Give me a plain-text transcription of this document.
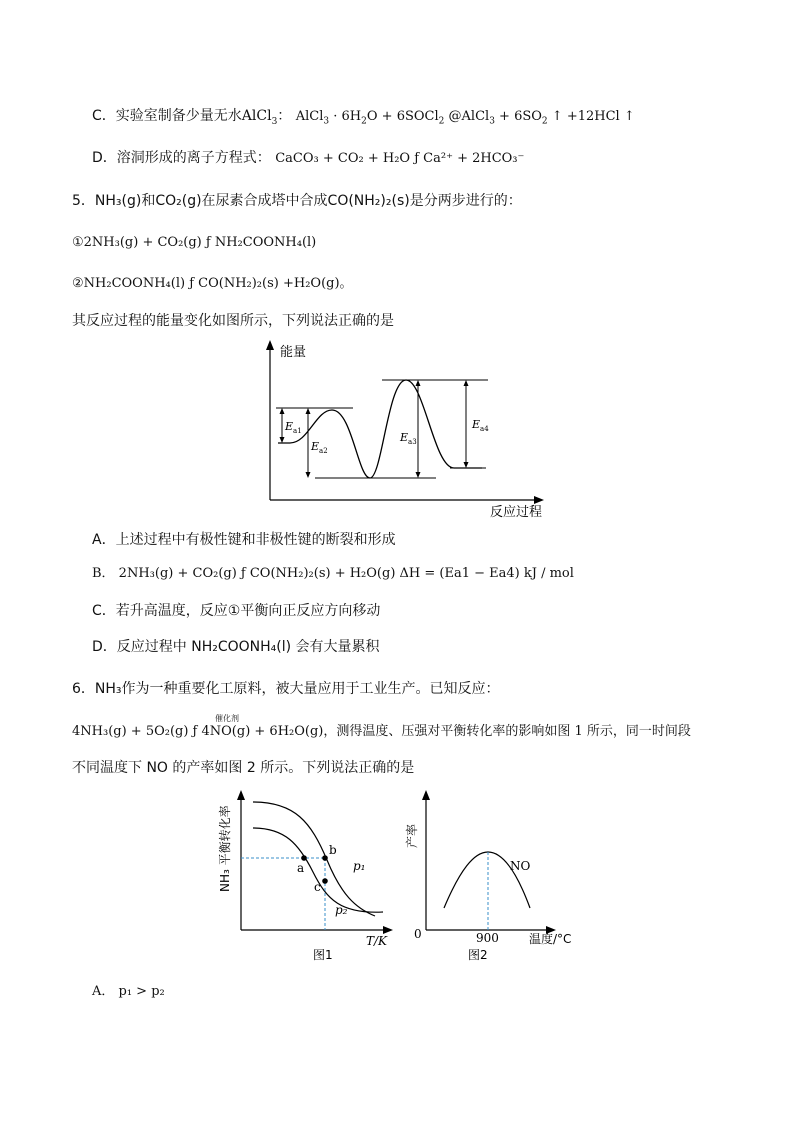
C．实验室制备少量无水AlCl$_3$： AlCl$_3$ · $6H_2O$ + 6SOCl$_2$ @AlCl$_3$ + $6SO_2$ ↑ +12HCl ↑
D．溶洞形成的离子方程式： CaCO₃ + CO₂ + H₂O ƒ Ca²⁺ + 2HCO₃⁻
5．NH₃(g)和CO₂(g)在尿素合成塔中合成CO(NH₂)₂(s)是分两步进行的：
①2NH₃(g) + CO₂(g) ƒ NH₂COONH₄(l)
②NH₂COONH₄(l) ƒ CO(NH₂)₂(s) +H₂O(g)。
其反应过程的能量变化如图所示，下列说法正确的是
能量
反应过程
$E_{a1}$
$E_{a2}$
$E_{a3}$
$E_{a4}$
A．上述过程中有极性键和非极性键的断裂和形成
B． 2NH₃(g) + CO₂(g) ƒ CO(NH₂)₂(s) + H₂O(g) ΔH = (Ea1 − Ea4) kJ / mol
C．若升高温度，反应①平衡向正反应方向移动
D．反应过程中 NH₂COONH₄(l) 会有大量累积
6．NH₃作为一种重要化工原料，被大量应用于工业生产。已知反应：
催化剂
4NH₃(g) + 5O₂(g) ƒ 4NO(g) + 6H₂O(g)，测得温度、压强对平衡转化率的影响如图 1 所示，同一时间段
不同温度下 NO 的产率如图 2 所示。下列说法正确的是
NH₃ 平衡转化率
T/K
a
b
c
p₁
p₂
图1
产率
0	900	温度/°C
NO
图2
A． p₁ > p₂
